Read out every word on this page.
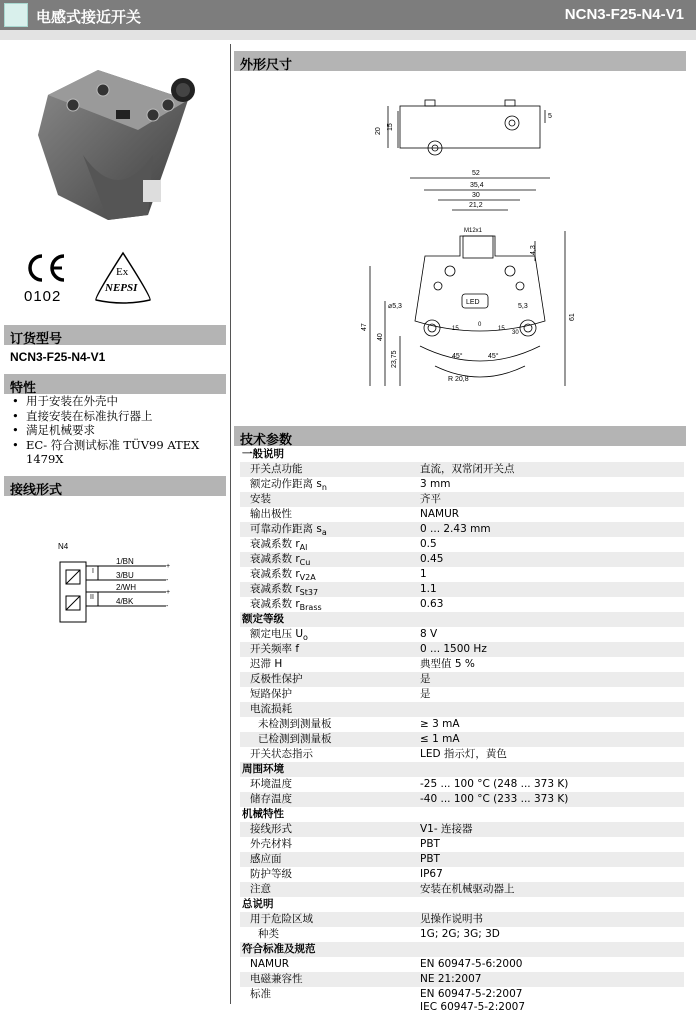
电感式接近开关	NCN3-F25-N4-V1
0102
Ex
NEPSI
订货型号
NCN3-F25-N4-V1
特性
• 用于安装在外壳中
• 直接安装在标准执行器上
• 满足机械要求
• EC- 符合测试标准 TÜV99 ATEX 1479X
接线形式
N4
+
-
+
-
1/BN
3/BU
2/WH
4/BK
I
II
外形尺寸
20
15
5
52
35,4
30
21,2
M12x1
4,3
⌀5,3	5,3
LED
47
40
23,75
61
R 20,8
45°	45°
15
0
15
30
技术参数
一般说明
开关点功能	直流，双常闭开关点
额定动作距离 $s_n$	3 mm
安装	齐平
输出极性	NAMUR
可靠动作距离 $s_a$	0 ... 2.43 mm
衰减系数 $r_{Al}$	0.5
衰减系数 $r_{Cu}$	0.45
衰减系数 $r_{V2A}$	1
衰减系数 $r_{St37}$	1.1
衰减系数 $r_{Brass}$	0.63
额定等级
额定电压 $U_o$	8 V
开关频率 f	0 ... 1500 Hz
迟滞 H	典型值 5 %
反极性保护	是
短路保护	是
电流损耗
未检测到测量板	≥ 3 mA
已检测到测量板	≤ 1 mA
开关状态指示	LED 指示灯，黄色
周围环境
环境温度	-25 ... 100 °C (248 ... 373 K)
储存温度	-40 ... 100 °C (233 ... 373 K)
机械特性
接线形式	V1- 连接器
外壳材料	PBT
感应面	PBT
防护等级	IP67
注意	安装在机械驱动器上
总说明
用于危险区域	见操作说明书
种类	1G; 2G; 3G; 3D
符合标准及规范
NAMUR	EN 60947-5-6:2000
电磁兼容性	NE 21:2007
标准	EN 60947-5-2:2007
IEC 60947-5-2:2007
